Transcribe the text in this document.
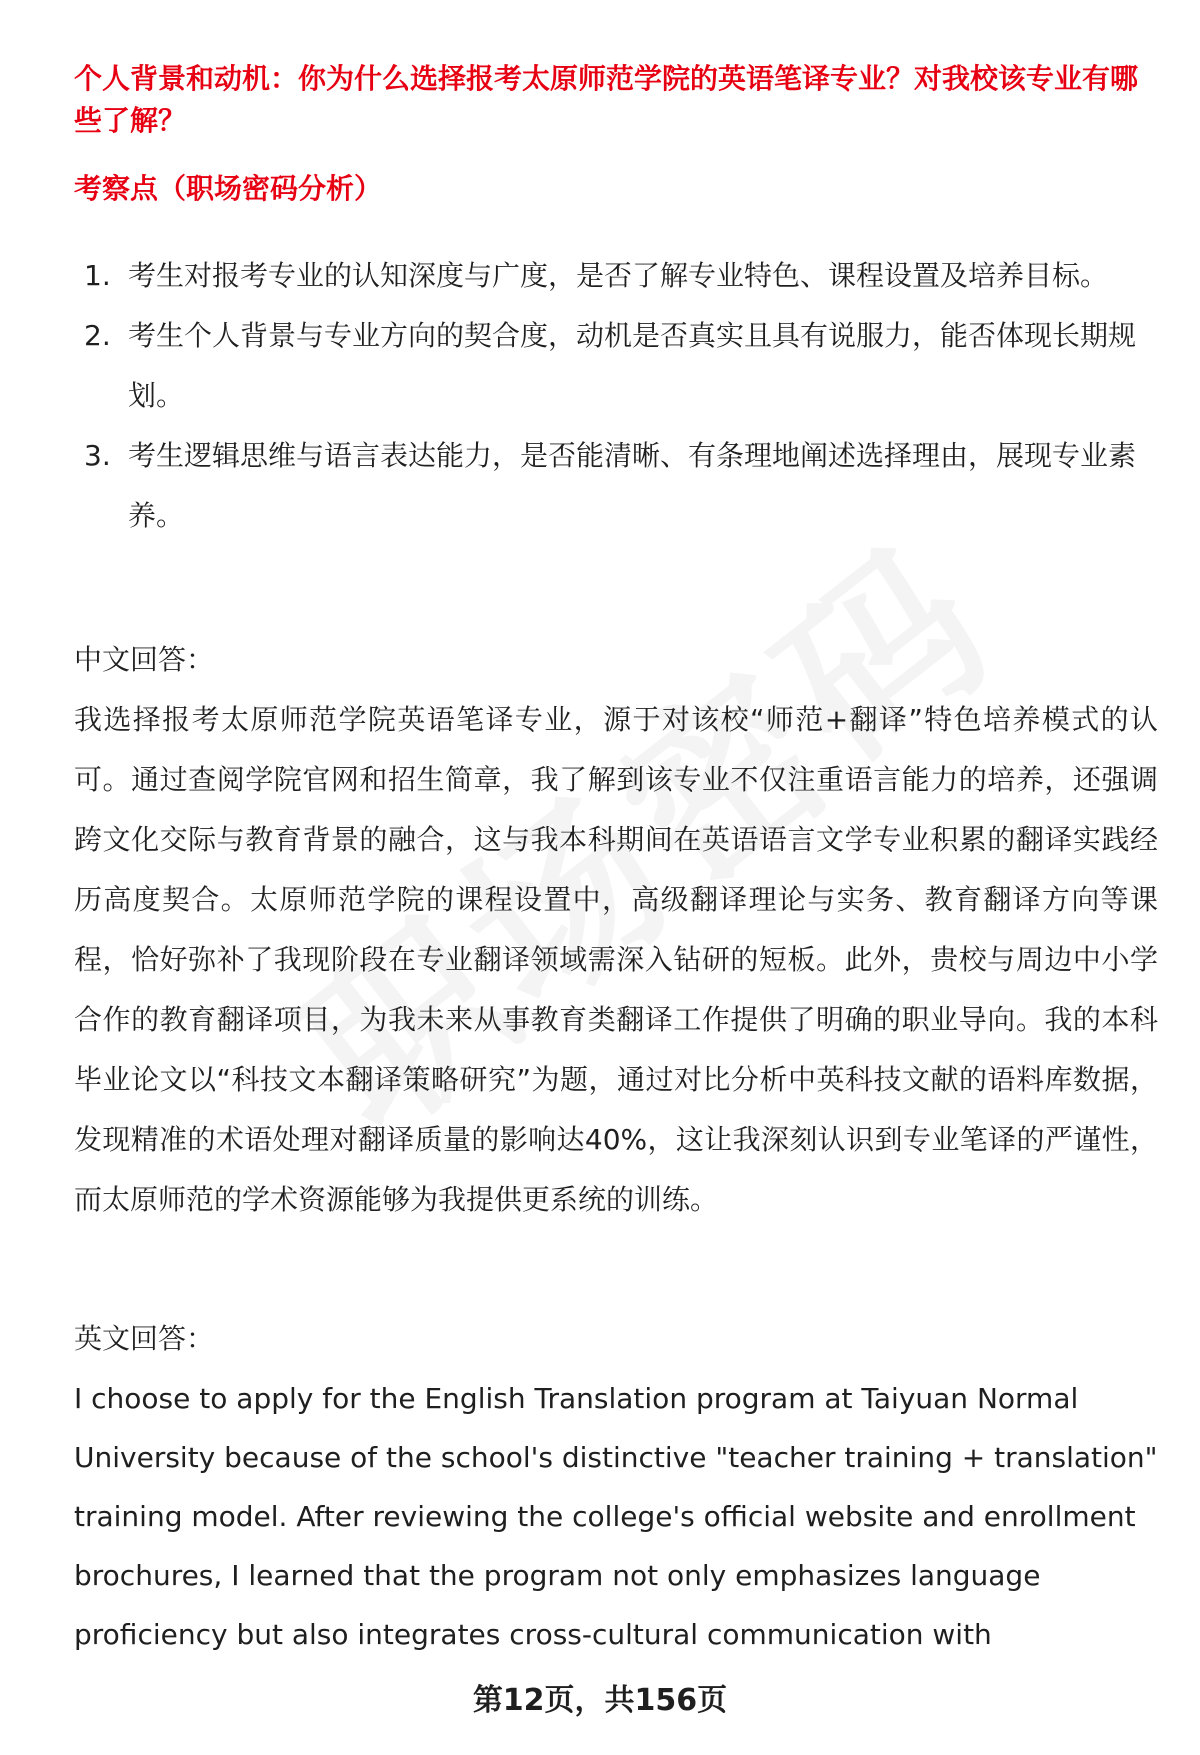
个人背景和动机：你为什么选择报考太原师范学院的英语笔译专业？对我校该专业有哪些了解？
考察点（职场密码分析）
1. 考生对报考专业的认知深度与广度，是否了解专业特色、课程设置及培养目标。
2. 考生个人背景与专业方向的契合度，动机是否真实且具有说服力，能否体现长期规划。
3. 考生逻辑思维与语言表达能力，是否能清晰、有条理地阐述选择理由，展现专业素养。
中文回答：
我选择报考太原师范学院英语笔译专业，源于对该校“师范+翻译”特色培养模式的认可。通过查阅学院官网和招生简章，我了解到该专业不仅注重语言能力的培养，还强调跨文化交际与教育背景的融合，这与我本科期间在英语语言文学专业积累的翻译实践经历高度契合。太原师范学院的课程设置中，高级翻译理论与实务、教育翻译方向等课程，恰好弥补了我现阶段在专业翻译领域需深入钻研的短板。此外，贵校与周边中小学合作的教育翻译项目，为我未来从事教育类翻译工作提供了明确的职业导向。我的本科毕业论文以“科技文本翻译策略研究”为题，通过对比分析中英科技文献的语料库数据，发现精准的术语处理对翻译质量的影响达40%，这让我深刻认识到专业笔译的严谨性，而太原师范的学术资源能够为我提供更系统的训练。
英文回答：
I choose to apply for the English Translation program at Taiyuan Normal University because of the school's distinctive "teacher training + translation" training model. After reviewing the college's official website and enrollment brochures, I learned that the program not only emphasizes language proficiency but also integrates cross-cultural communication with
第12页，共156页
